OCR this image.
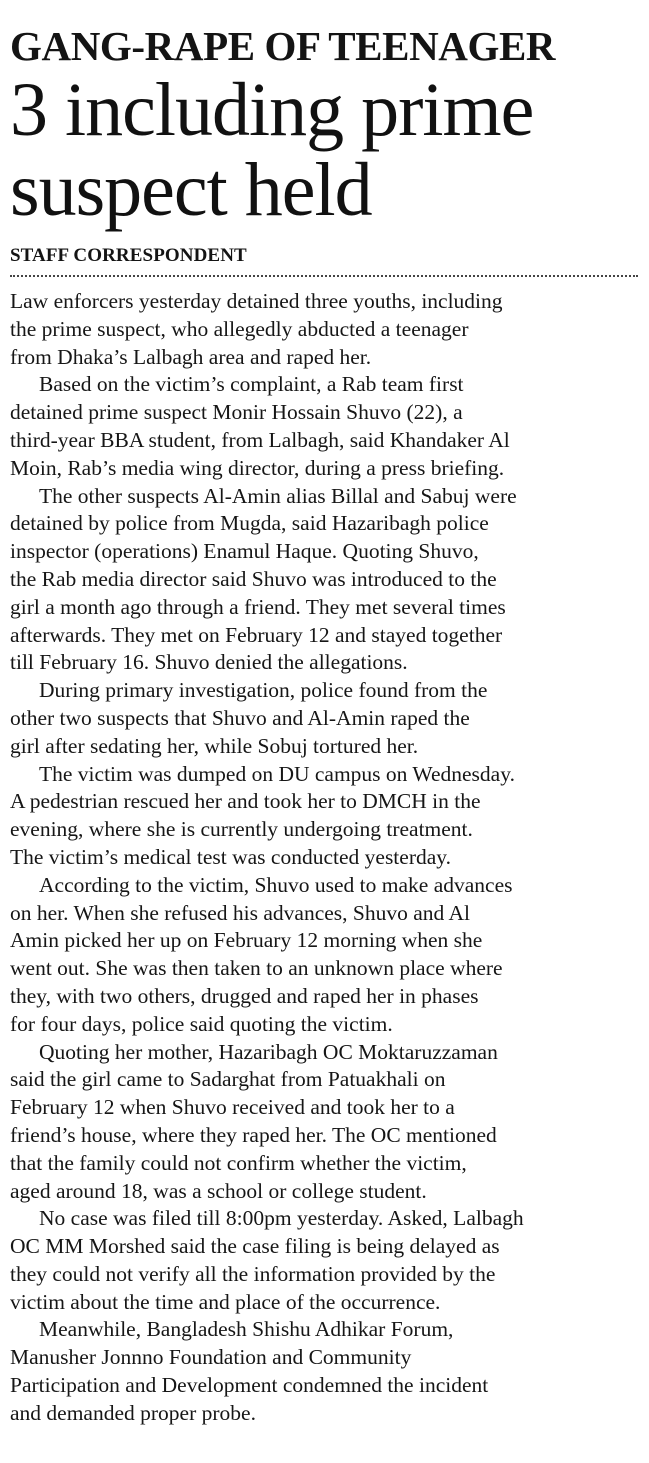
GANG-RAPE OF TEENAGER
3 including prime
suspect held
STAFF CORRESPONDENT

Law enforcers yesterday detained three youths, including
the prime suspect, who allegedly abducted a teenager
from Dhaka’s Lalbagh area and raped her.

Based on the victim’s complaint, a Rab team first
detained prime suspect Monir Hossain Shuvo (22), a
third-year BBA student, from Lalbagh, said Khandaker Al
Moin, Rab’s media wing director, during a press briefing.

The other suspects Al-Amin alias Billal and Sabuj were
detained by police from Mugda, said Hazaribagh police
inspector (operations) Enamul Haque. Quoting Shuvo,
the Rab media director said Shuvo was introduced to the
girl a month ago through a friend. They met several times
afterwards. They met on February 12 and stayed together
till February 16. Shuvo denied the allegations.

During primary investigation, police found from the
other two suspects that Shuvo and Al-Amin raped the
girl after sedating her, while Sobuj tortured her.

The victim was dumped on DU campus on Wednesday.
A pedestrian rescued her and took her to DMCH in the
evening, where she is currently undergoing treatment.
The victim’s medical test was conducted yesterday.

According to the victim, Shuvo used to make advances
on her. When she refused his advances, Shuvo and Al
Amin picked her up on February 12 morning when she
went out. She was then taken to an unknown place where
they, with two others, drugged and raped her in phases
for four days, police said quoting the victim.

Quoting her mother, Hazaribagh OC Moktaruzzaman
said the girl came to Sadarghat from Patuakhali on
February 12 when Shuvo received and took her to a
friend’s house, where they raped her. The OC mentioned
that the family could not confirm whether the victim,
aged around 18, was a school or college student.

No case was filed till 8:00pm yesterday. Asked, Lalbagh
OC MM Morshed said the case filing is being delayed as
they could not verify all the information provided by the
victim about the time and place of the occurrence.

Meanwhile, Bangladesh Shishu Adhikar Forum,
Manusher Jonnno Foundation and Community
Participation and Development condemned the incident
and demanded proper probe.
